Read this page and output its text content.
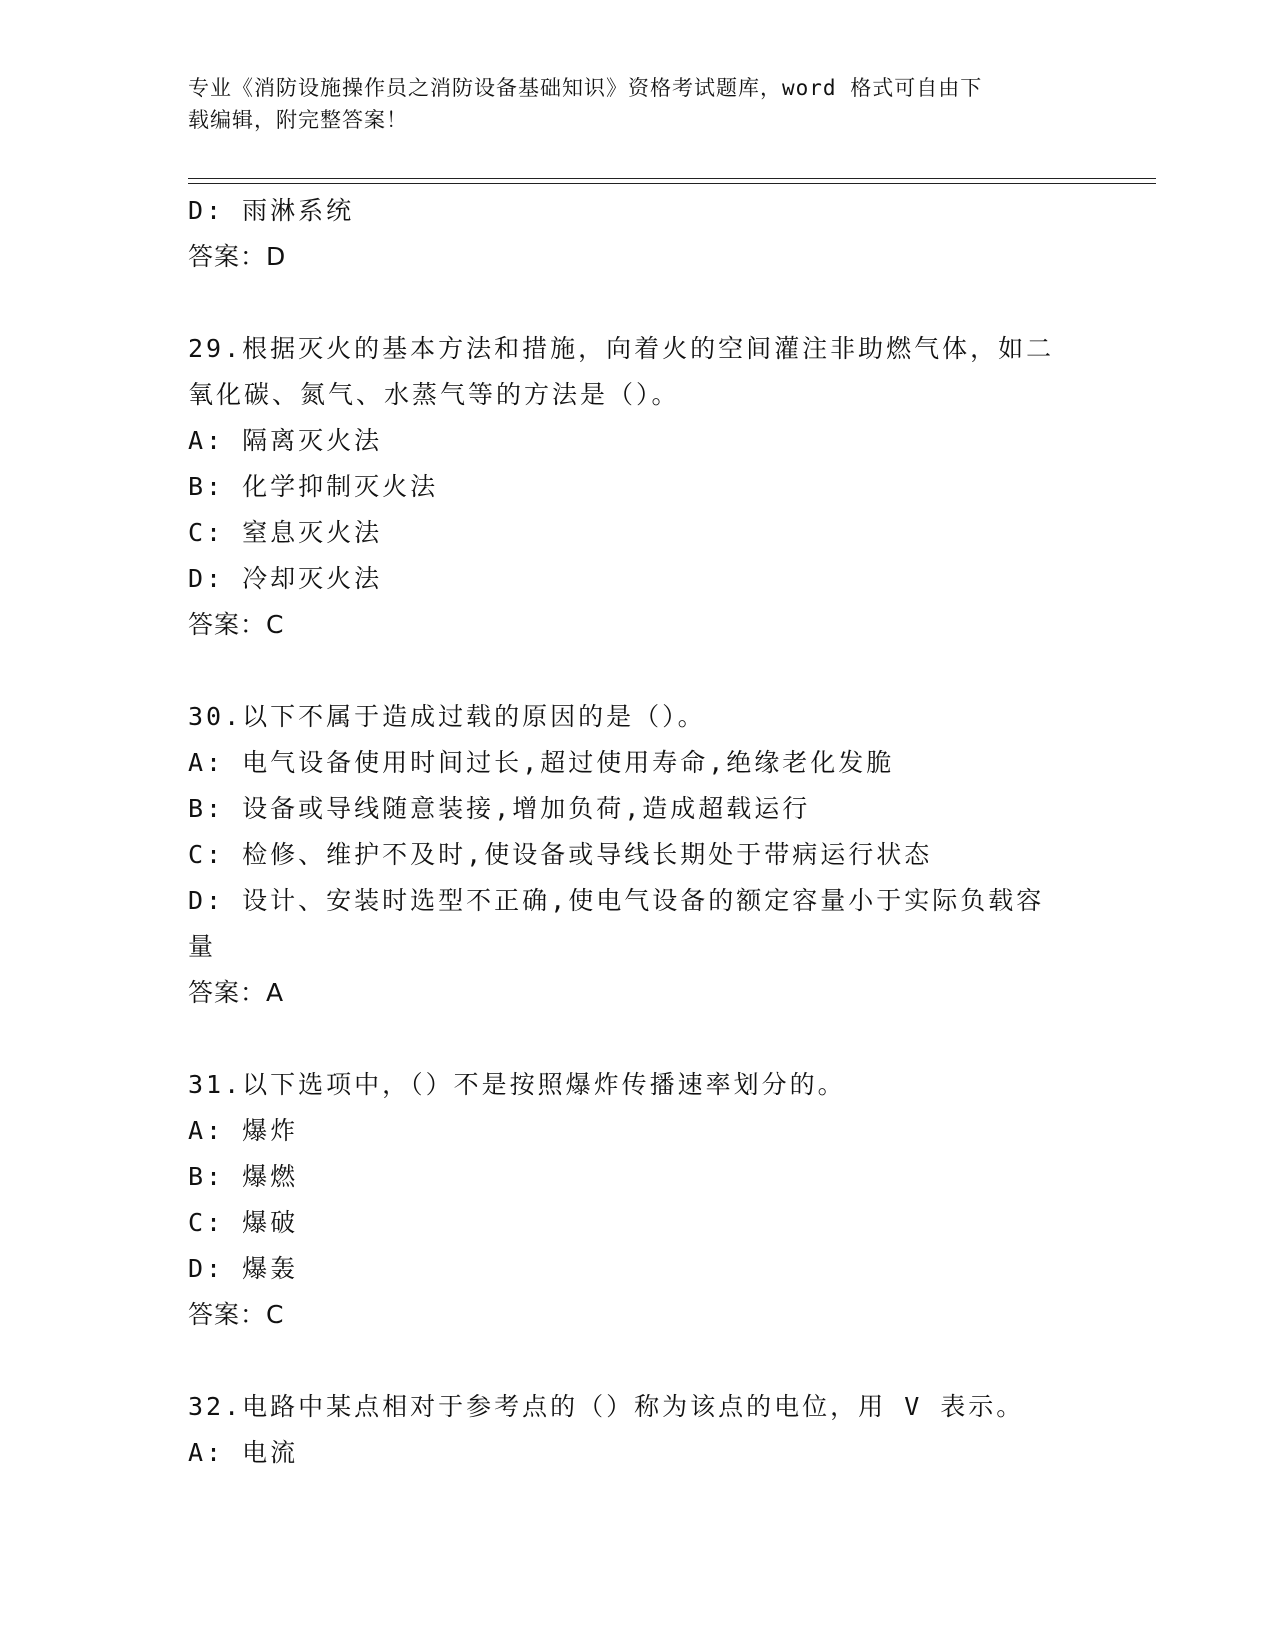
专业《消防设施操作员之消防设备基础知识》资格考试题库，word 格式可自由下
载编辑，附完整答案！
D: 雨淋系统
答案：D
29.根据灭火的基本方法和措施，向着火的空间灌注非助燃气体，如二
氧化碳、氮气、水蒸气等的方法是（）。
A: 隔离灭火法
B: 化学抑制灭火法
C: 窒息灭火法
D: 冷却灭火法
答案：C
30.以下不属于造成过载的原因的是（）。
A: 电气设备使用时间过长,超过使用寿命,绝缘老化发脆
B: 设备或导线随意装接,增加负荷,造成超载运行
C: 检修、维护不及时,使设备或导线长期处于带病运行状态
D: 设计、安装时选型不正确,使电气设备的额定容量小于实际负载容
量
答案：A
31.以下选项中，（）不是按照爆炸传播速率划分的。
A: 爆炸
B: 爆燃
C: 爆破
D: 爆轰
答案：C
32.电路中某点相对于参考点的（）称为该点的电位，用 V 表示。
A: 电流
